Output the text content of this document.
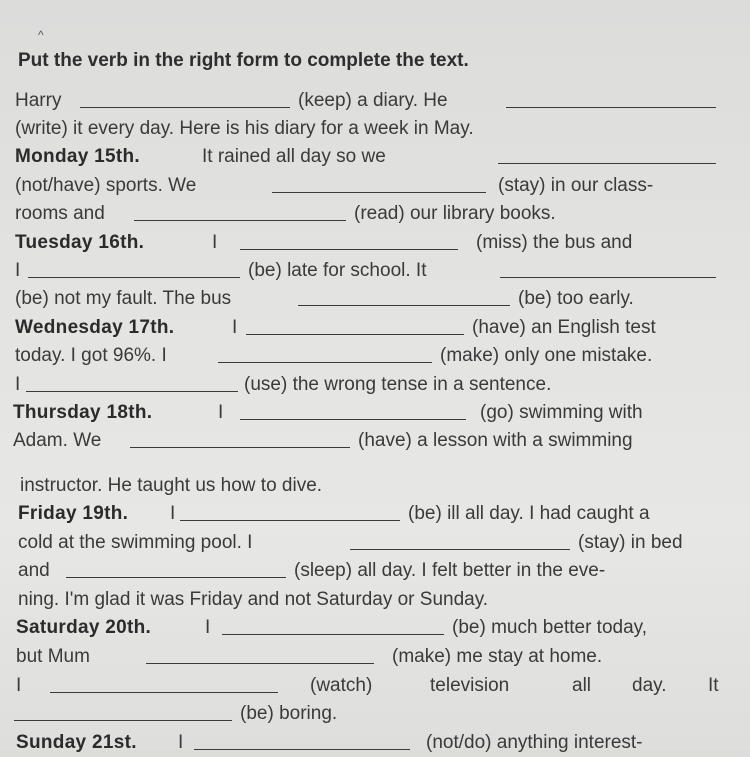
^
Put the verb in the right form to complete the text.
Harry	(keep) a diary. He
(write) it every day. Here is his diary for a week in May.
Monday 15th.	It rained all day so we
(not/have) sports. We	(stay) in our class-
rooms and	(read) our library books.
Tuesday 16th.	I	(miss) the bus and
I	(be) late for school. It
(be) not my fault. The bus	(be) too early.
Wednesday 17th.	I	(have) an English test
today. I got 96%. I	(make) only one mistake.
I	(use) the wrong tense in a sentence.
Thursday 18th.	I	(go) swimming with
Adam. We	(have) a lesson with a swimming
instructor. He taught us how to dive.
Friday 19th. I	(be) ill all day. I had caught a
cold at the swimming pool. I	(stay) in bed
and	(sleep) all day. I felt better in the eve-
ning. I'm glad it was Friday and not Saturday or Sunday.
Saturday 20th.	I	(be) much better today,
but Mum	(make) me stay at home.
I	(watch)	television	all day. It
(be) boring.
Sunday 21st. I	(not/do) anything interest-
